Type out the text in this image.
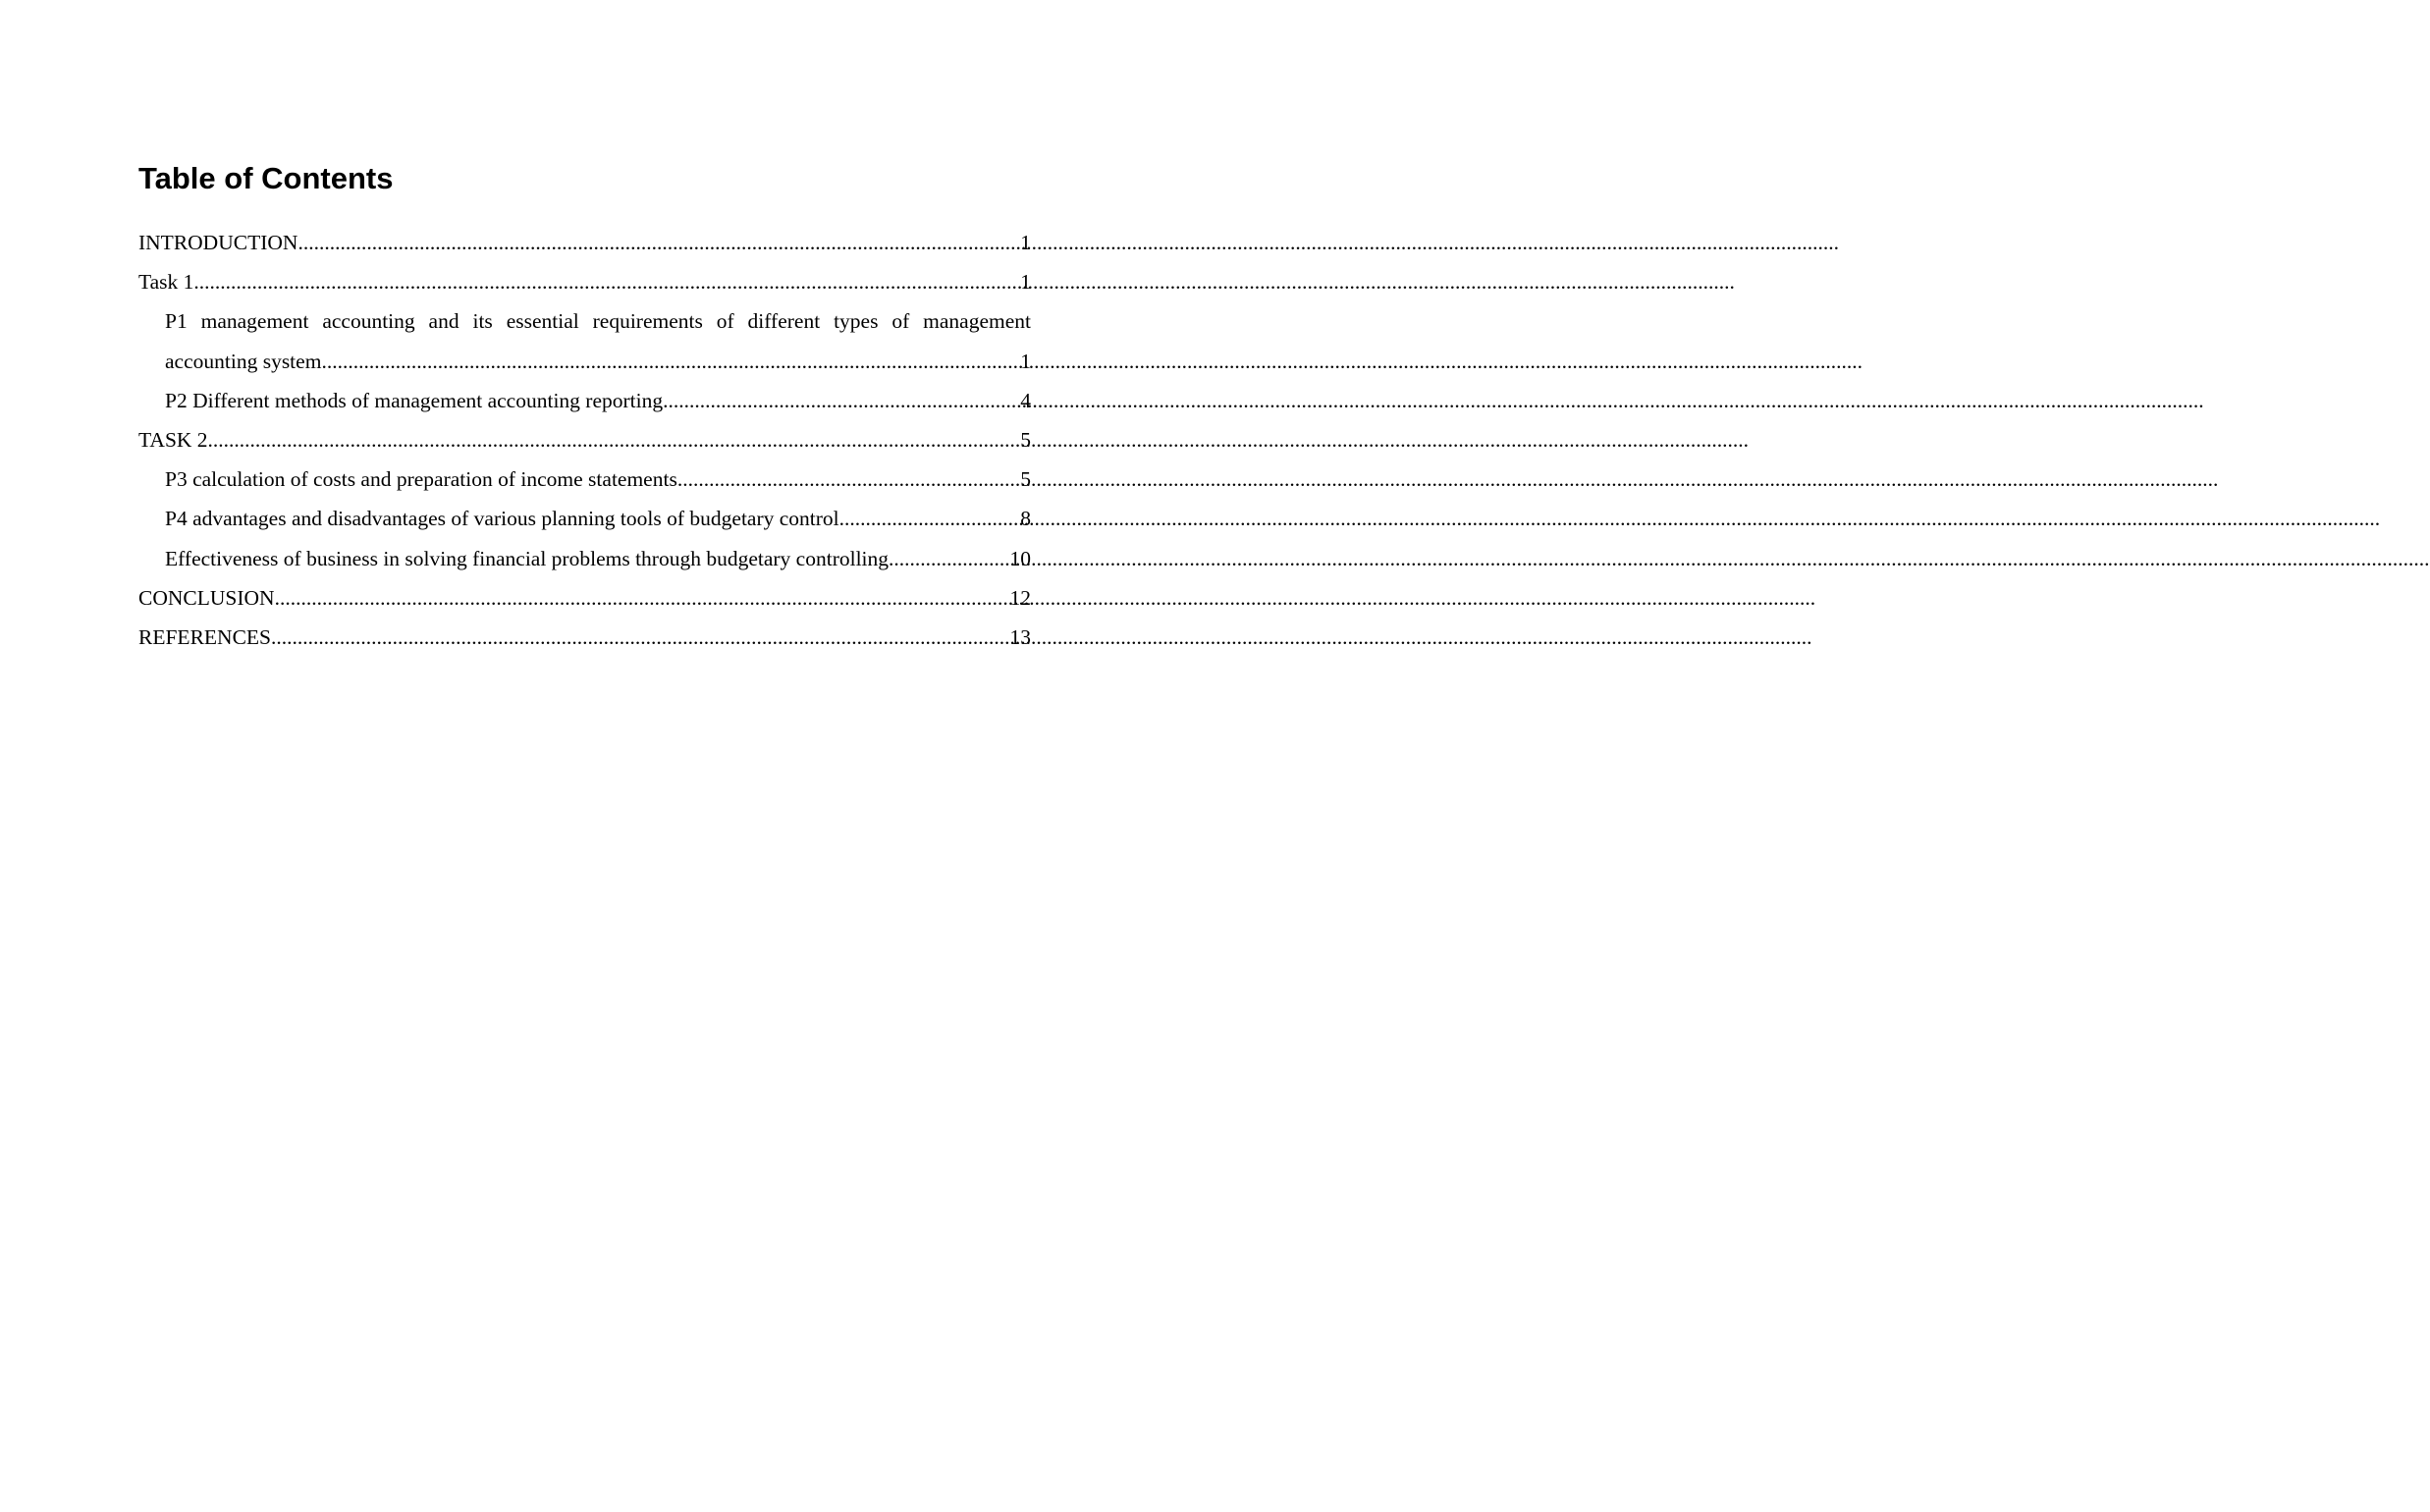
Table of Contents
INTRODUCTION .....	1
Task 1 .....	1
P1 management accounting and its essential requirements of different types of management
accounting system .....	1
P2 Different methods of management accounting reporting .....	4
TASK 2 .....	5
P3 calculation of costs and preparation of income statements .....	5
P4 advantages and disadvantages of various planning tools of budgetary control .....	8
Effectiveness of business in solving financial problems through budgetary controlling .....	10
CONCLUSION .....	12
REFERENCES .....	13
